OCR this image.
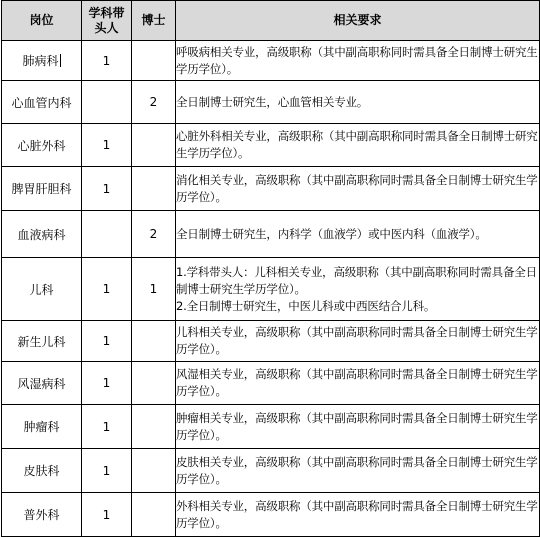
岗位	学科带头人	博士	相关要求
肺病科	1		呼吸病相关专业，高级职称（其中副高职称同时需具备全日制博士研究生学历学位）。
心血管内科		2	全日制博士研究生，心血管相关专业。
心脏外科	1		心脏外科相关专业，高级职称（其中副高职称同时需具备全日制博士研究生学历学位）。
脾胃肝胆科	1		消化相关专业，高级职称（其中副高职称同时需具备全日制博士研究生学历学位）。
血液病科		2	全日制博士研究生，内科学（血液学）或中医内科（血液学）。
儿科	1	1	1.学科带头人：儿科相关专业，高级职称（其中副高职称同时需具备全日制博士研究生学历学位）。
2.全日制博士研究生，中医儿科或中西医结合儿科。

新生儿科	1		儿科相关专业，高级职称（其中副高职称同时需具备全日制博士研究生学历学位）。
风湿病科	1		风湿相关专业，高级职称（其中副高职称同时需具备全日制博士研究生学历学位）。
肿瘤科	1		肿瘤相关专业，高级职称（其中副高职称同时需具备全日制博士研究生学历学位）。
皮肤科	1		皮肤相关专业，高级职称（其中副高职称同时需具备全日制博士研究生学历学位）。
普外科	1		外科相关专业，高级职称（其中副高职称同时需具备全日制博士研究生学历学位）。
